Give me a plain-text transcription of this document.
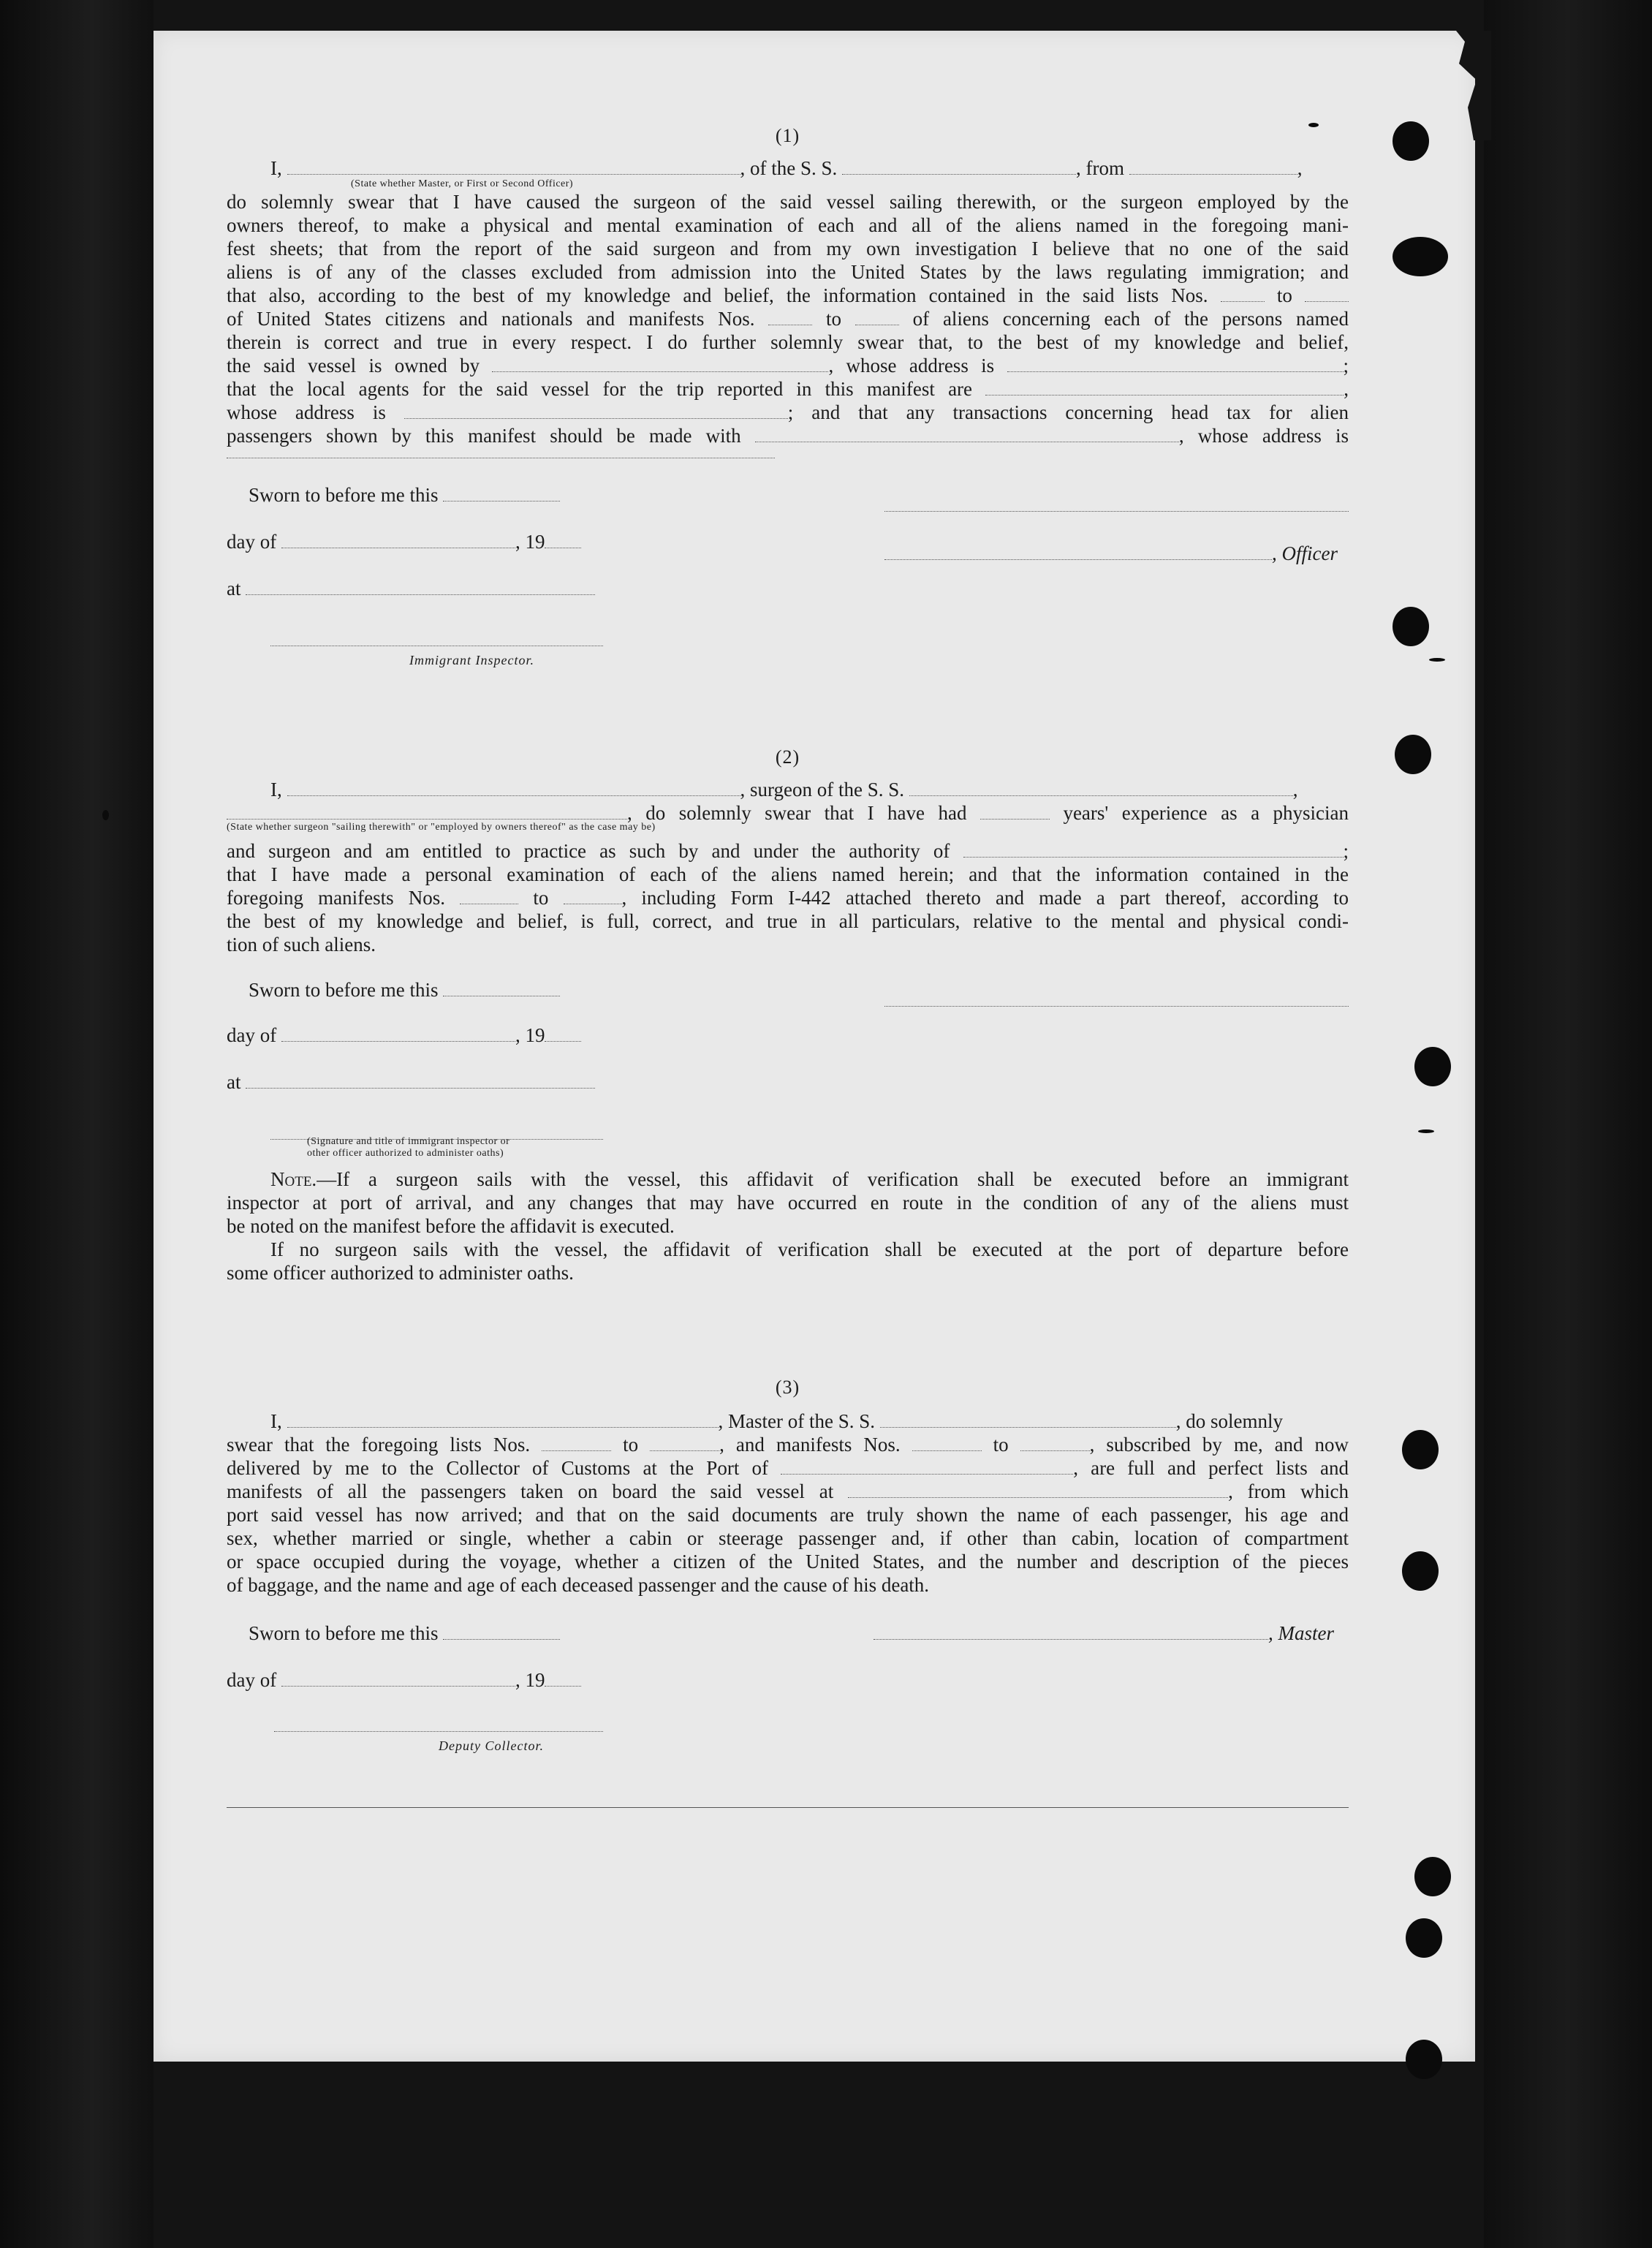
(1)
I,	, of the S. S.	, from	,
(State whether Master, or First or Second Officer)
do solemnly swear that I have caused the surgeon of the said vessel sailing therewith, or the surgeon employed by the
owners thereof, to make a physical and mental examination of each and all of the aliens named in the foregoing mani-
fest sheets; that from the report of the said surgeon and from my own investigation I believe that no one of the said
aliens is of any of the classes excluded from admission into the United States by the laws regulating immigration; and
that also, according to the best of my knowledge and belief, the information contained in the said lists Nos.	to
of United States citizens and nationals and manifests Nos.	to	of aliens concerning each of the persons named
therein is correct and true in every respect. I do further solemnly swear that, to the best of my knowledge and belief,
the said vessel is owned by	, whose address is	;
that the local agents for the said vessel for the trip reported in this manifest are	,
whose address is	; and that any transactions concerning head tax for alien
passengers shown by this manifest should be made with	, whose address is
Sworn to before me this

day of	, 19
, Officer
at

Immigrant Inspector.
(2)
I,	, surgeon of the S. S.	,
, do solemnly swear that I have had	years' experience as a physician
(State whether surgeon "sailing therewith" or "employed by owners thereof" as the case may be)
and surgeon and am entitled to practice as such by and under the authority of	;
that I have made a personal examination of each of the aliens named herein; and that the information contained in the
foregoing manifests Nos.	to	, including Form I-442 attached thereto and made a part thereof, according to
the best of my knowledge and belief, is full, correct, and true in all particulars, relative to the mental and physical condi-
tion of such aliens.
Sworn to before me this

day of	, 19
at

(Signature and title of immigrant inspector or
other officer authorized to administer oaths)
Note.—If a surgeon sails with the vessel, this affidavit of verification shall be executed before an immigrant
inspector at port of arrival, and any changes that may have occurred en route in the condition of any of the aliens must
be noted on the manifest before the affidavit is executed.
If no surgeon sails with the vessel, the affidavit of verification shall be executed at the port of departure before
some officer authorized to administer oaths.
(3)
I,	, Master of the S. S.	, do solemnly
swear that the foregoing lists Nos.	to	, and manifests Nos.	to	, subscribed by me, and now
delivered by me to the Collector of Customs at the Port of	, are full and perfect lists and
manifests of all the passengers taken on board the said vessel at	, from which
port said vessel has now arrived; and that on the said documents are truly shown the name of each passenger, his age and
sex, whether married or single, whether a cabin or steerage passenger and, if other than cabin, location of compartment
or space occupied during the voyage, whether a citizen of the United States, and the number and description of the pieces
of baggage, and the name and age of each deceased passenger and the cause of his death.
Sworn to before me this	, Master
day of	, 19

Deputy Collector.
